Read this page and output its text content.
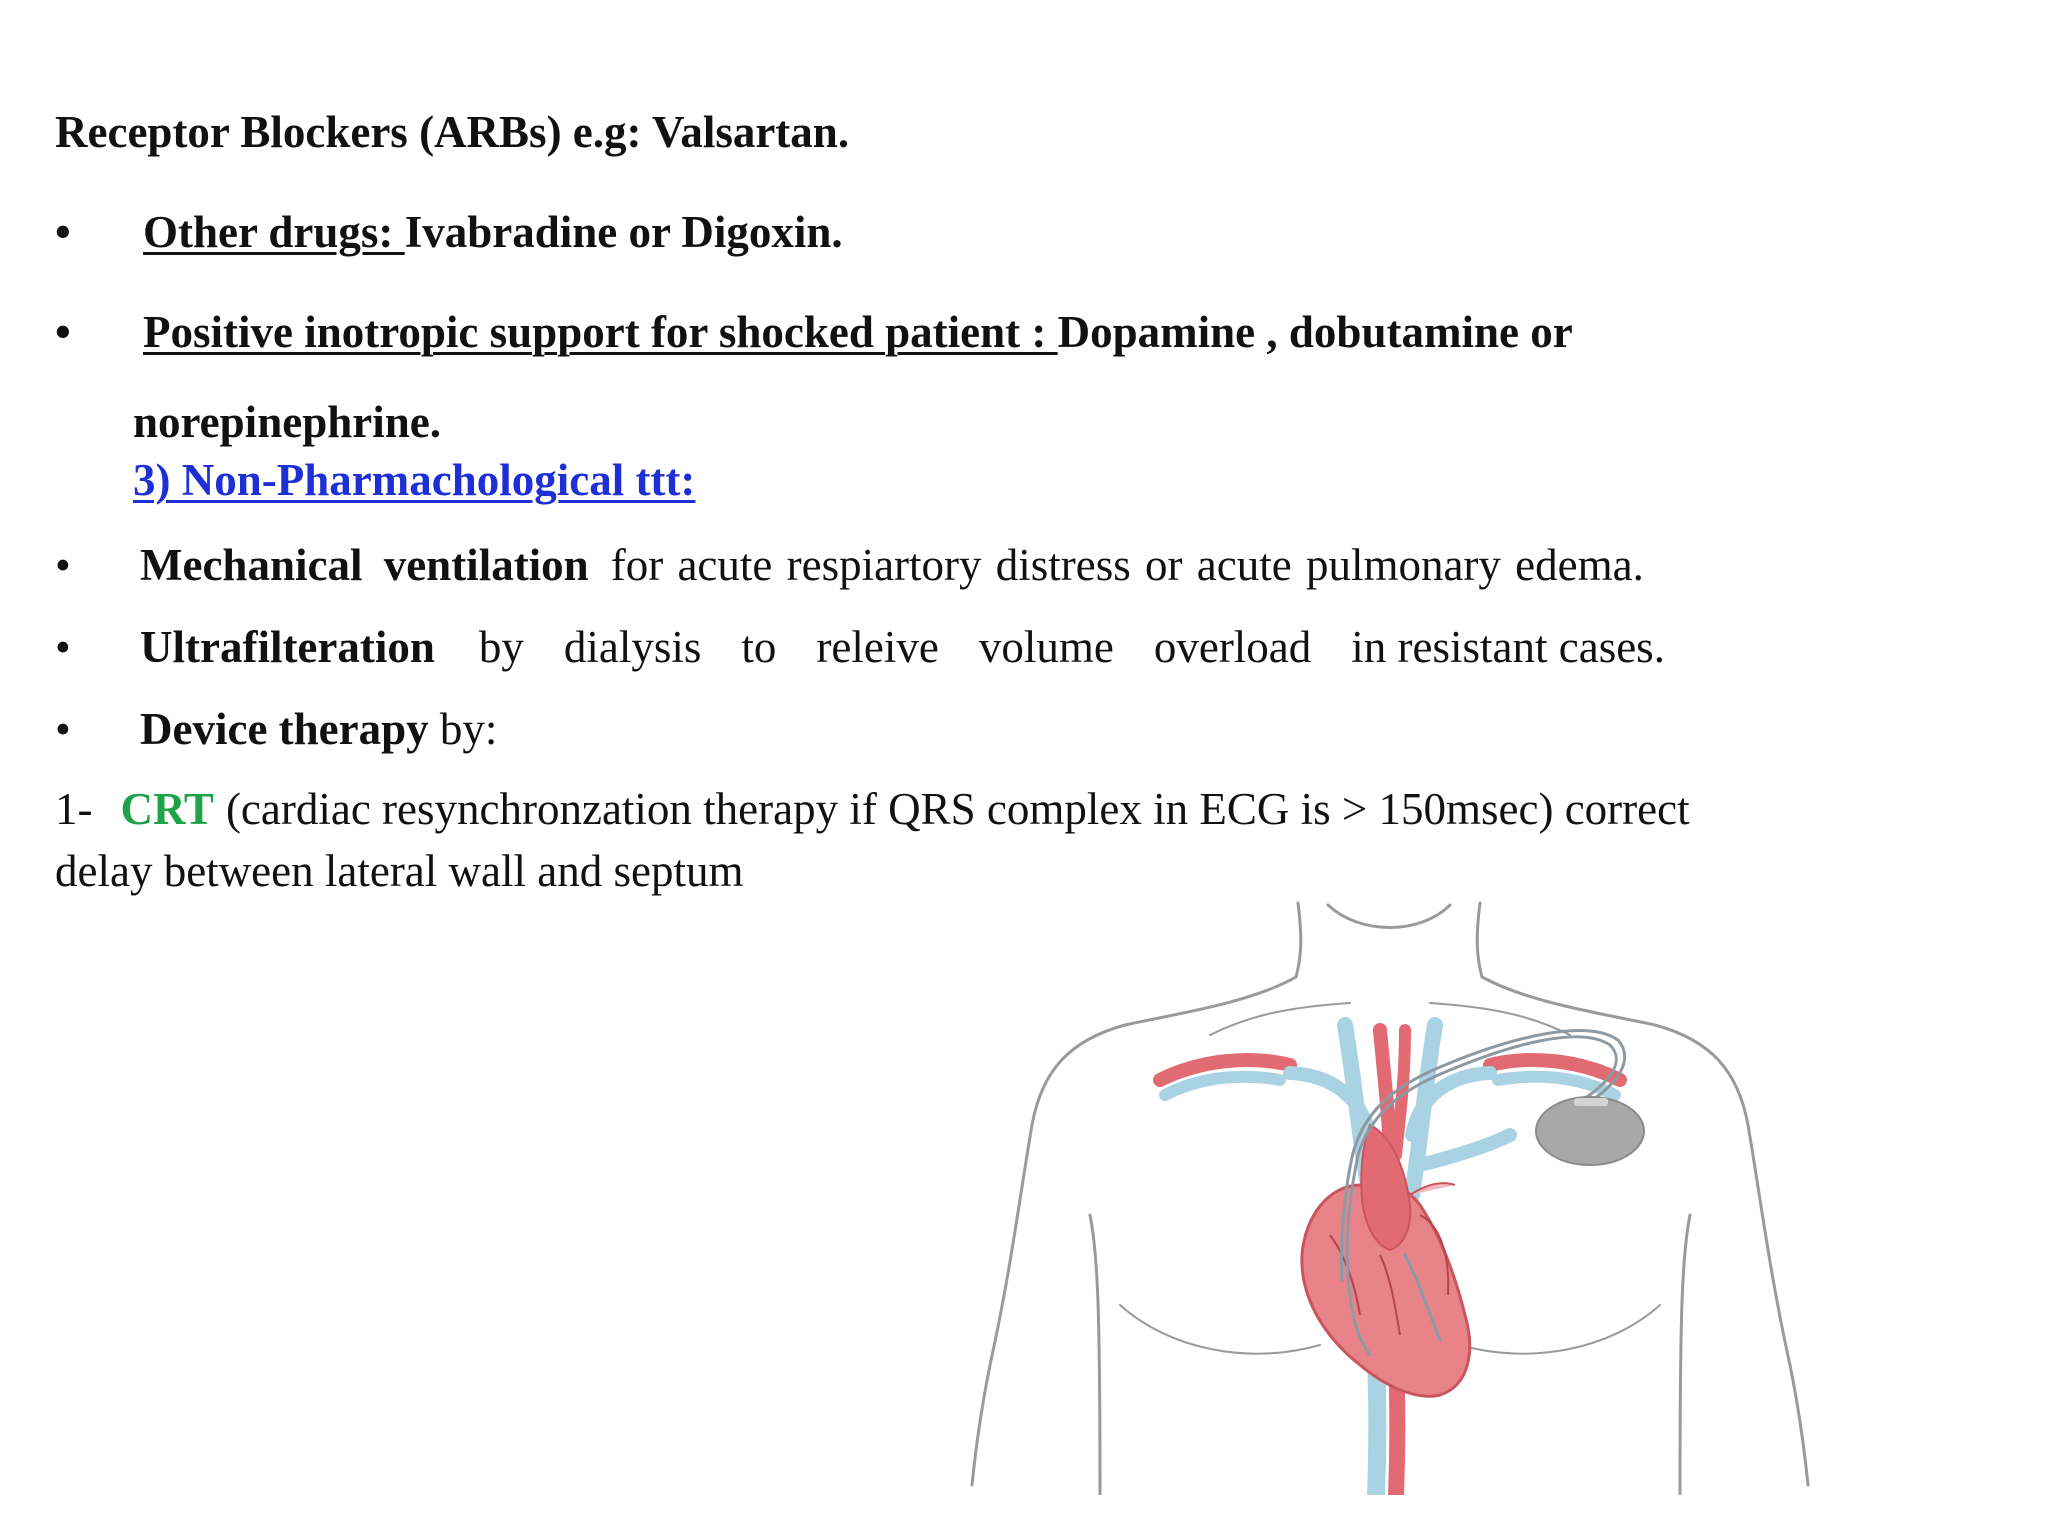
Receptor Blockers (ARBs) e.g: Valsartan.
• Other drugs: Ivabradine or Digoxin.
• Positive inotropic support for shocked patient : Dopamine , dobutamine or
norepinephrine.
3) Non-Pharmachological ttt:
• Mechanical ventilation for acute respiartory distress or acute pulmonary edema.
• Ultrafilteration by dialysis to releive volume overload in resistant cases.
• Device therapy by:
1- CRT (cardiac resynchronzation therapy if QRS complex in ECG is > 150msec) correct
delay between lateral wall and septum
